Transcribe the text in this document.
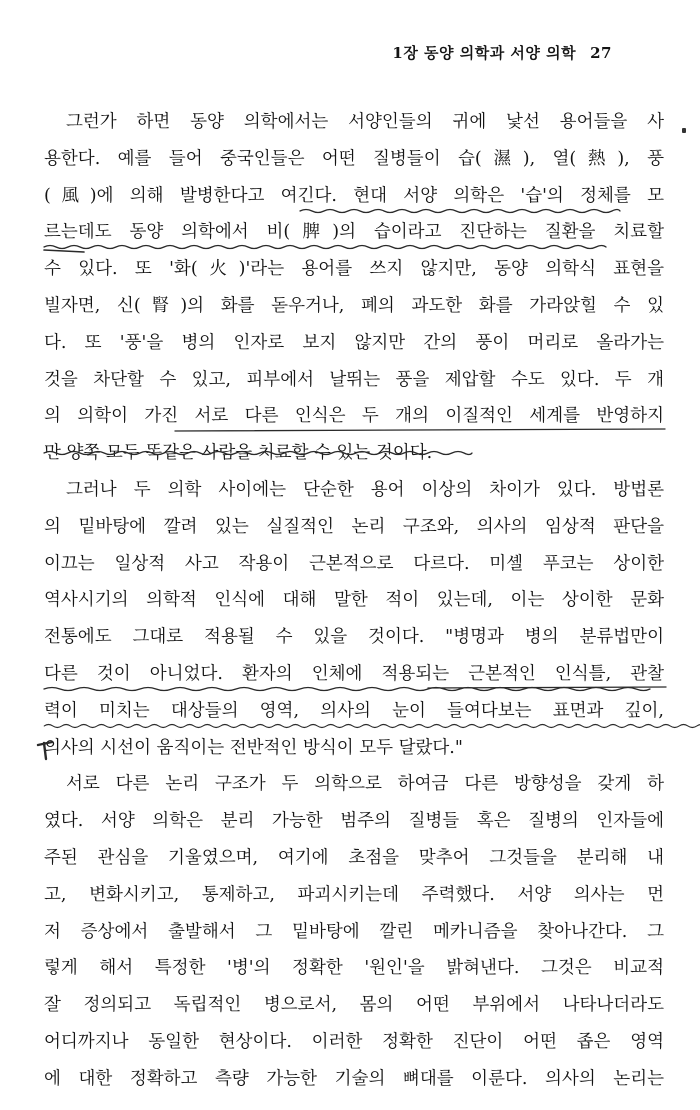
1장 동양 의학과 서양 의학 27
그런가 하면 동양 의학에서는 서양인들의 귀에 낯선 용어들을 사
용한다. 예를 들어 중국인들은 어떤 질병들이 습(濕), 열(熱), 풍
(風)에 의해 발병한다고 여긴다. 현대 서양 의학은 '습'의 정체를 모
르는데도 동양 의학에서 비(脾)의 습이라고 진단하는 질환을 치료할
수 있다. 또 '화(火)'라는 용어를 쓰지 않지만, 동양 의학식 표현을
빌자면, 신(腎)의 화를 돋우거나, 폐의 과도한 화를 가라앉힐 수 있
다. 또 '풍'을 병의 인자로 보지 않지만 간의 풍이 머리로 올라가는
것을 차단할 수 있고, 피부에서 날뛰는 풍을 제압할 수도 있다. 두 개
의 의학이 가진 서로 다른 인식은 두 개의 이질적인 세계를 반영하지
만 양쪽 모두 똑같은 사람을 치료할 수 있는 것이다.
그러나 두 의학 사이에는 단순한 용어 이상의 차이가 있다. 방법론
의 밑바탕에 깔려 있는 실질적인 논리 구조와, 의사의 임상적 판단을
이끄는 일상적 사고 작용이 근본적으로 다르다. 미셸 푸코는 상이한
역사시기의 의학적 인식에 대해 말한 적이 있는데, 이는 상이한 문화
전통에도 그대로 적용될 수 있을 것이다. "병명과 병의 분류법만이
다른 것이 아니었다. 환자의 인체에 적용되는 근본적인 인식틀, 관찰
력이 미치는 대상들의 영역, 의사의 눈이 들여다보는 표면과 깊이,
의사의 시선이 움직이는 전반적인 방식이 모두 달랐다."
서로 다른 논리 구조가 두 의학으로 하여금 다른 방향성을 갖게 하
였다. 서양 의학은 분리 가능한 범주의 질병들 혹은 질병의 인자들에
주된 관심을 기울였으며, 여기에 초점을 맞추어 그것들을 분리해 내
고, 변화시키고, 통제하고, 파괴시키는데 주력했다. 서양 의사는 먼
저 증상에서 출발해서 그 밑바탕에 깔린 메카니즘을 찾아나간다. 그
렇게 해서 특정한 '병'의 정확한 '원인'을 밝혀낸다. 그것은 비교적
잘 정의되고 독립적인 병으로서, 몸의 어떤 부위에서 나타나더라도
어디까지나 동일한 현상이다. 이러한 정확한 진단이 어떤 좁은 영역
에 대한 정확하고 측량 가능한 기술의 뼈대를 이룬다. 의사의 논리는
